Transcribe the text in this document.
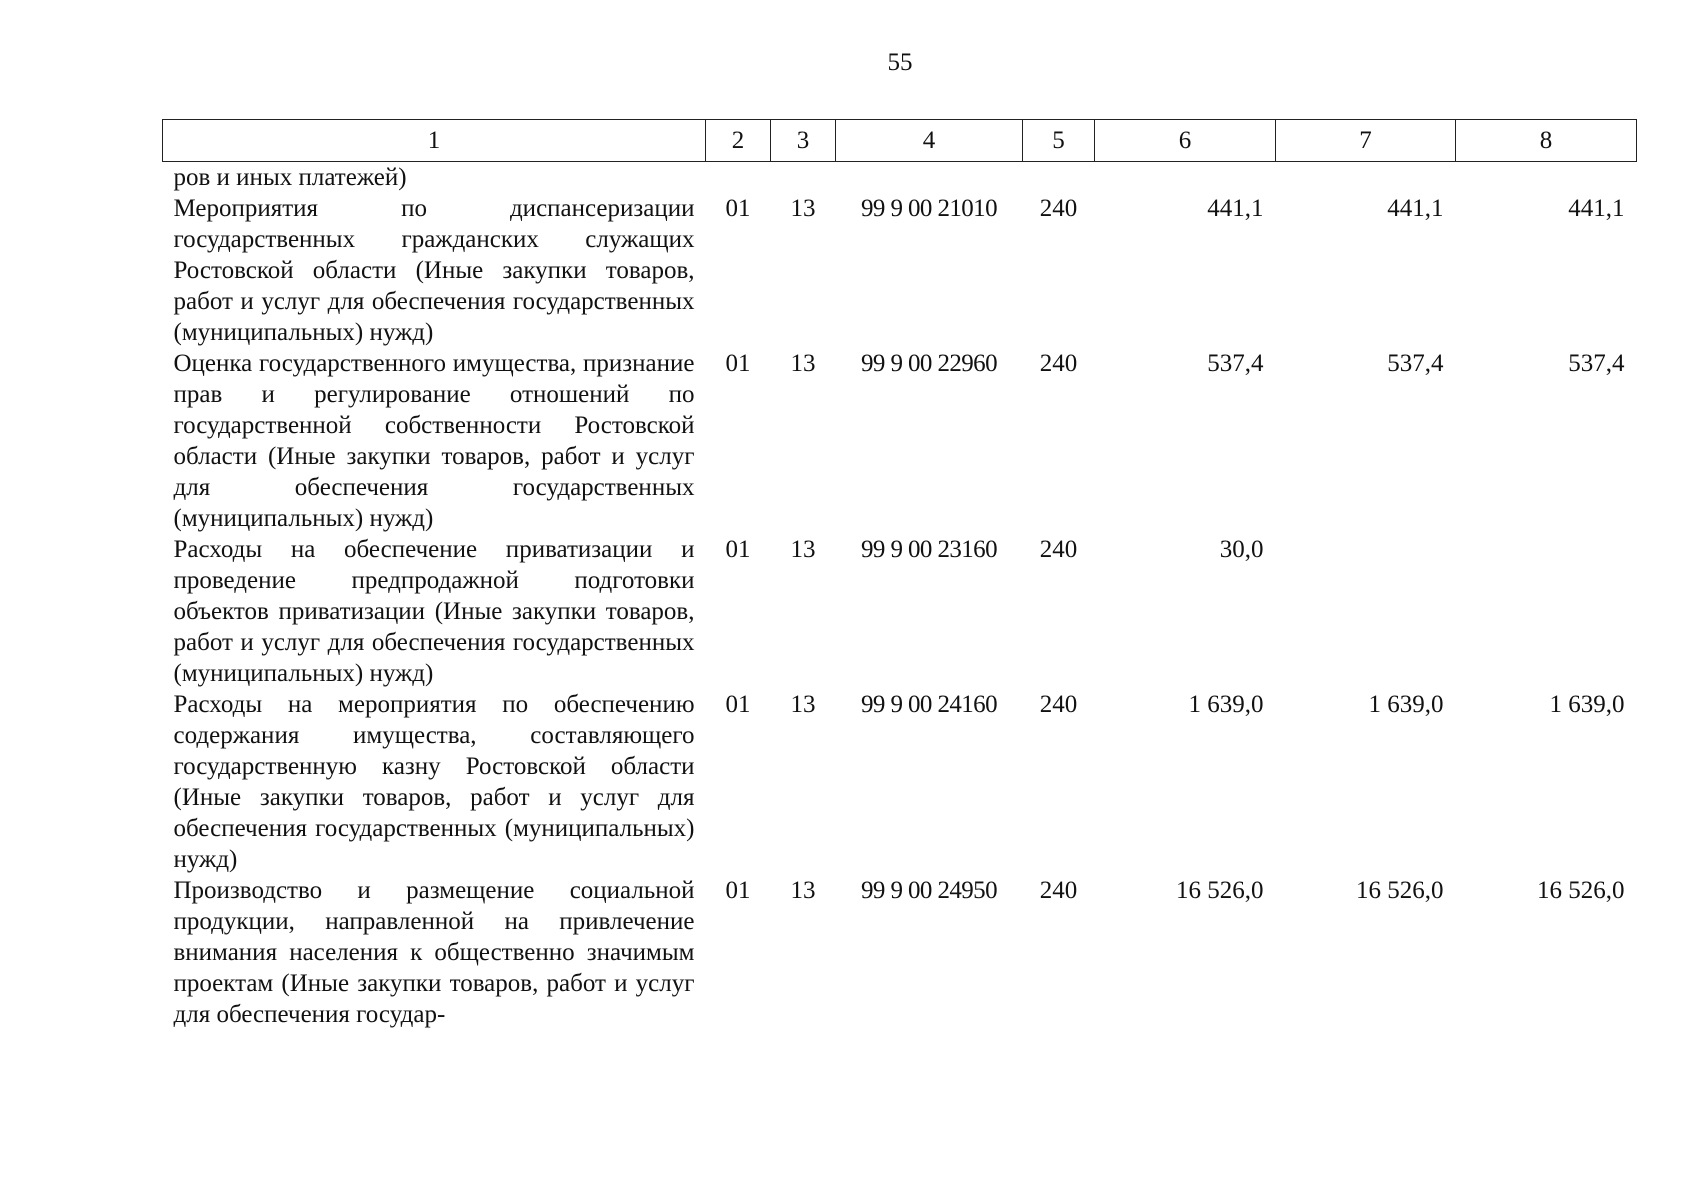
55
1	2	3	4	5	6	7	8
ров и иных платежей)							
Мероприятия по диспансеризации государственных гражданских служащих Ростовской области (Иные закупки товаров, работ и услуг для обеспечения государственных (муниципальных) нужд)	01	13	99 9 00 21010	240	441,1	441,1	441,1
Оценка государственного имущества, признание прав и регулирование отношений по государственной собственности Ростовской области (Иные закупки товаров, работ и услуг для обеспечения государственных (муниципальных) нужд)	01	13	99 9 00 22960	240	537,4	537,4	537,4
Расходы на обеспечение приватизации и проведение предпродажной подготовки объектов приватизации (Иные закупки товаров, работ и услуг для обеспечения государственных (муниципальных) нужд)	01	13	99 9 00 23160	240	30,0		
Расходы на мероприятия по обеспечению содержания имущества, составляющего государственную казну Ростовской области (Иные закупки товаров, работ и услуг для обеспечения государственных (муниципальных) нужд)	01	13	99 9 00 24160	240	1 639,0	1 639,0	1 639,0
Производство и размещение социальной продукции, направленной на привлечение внимания населения к общественно значимым проектам (Иные закупки товаров, работ и услуг для обеспечения государ-	01	13	99 9 00 24950	240	16 526,0	16 526,0	16 526,0
